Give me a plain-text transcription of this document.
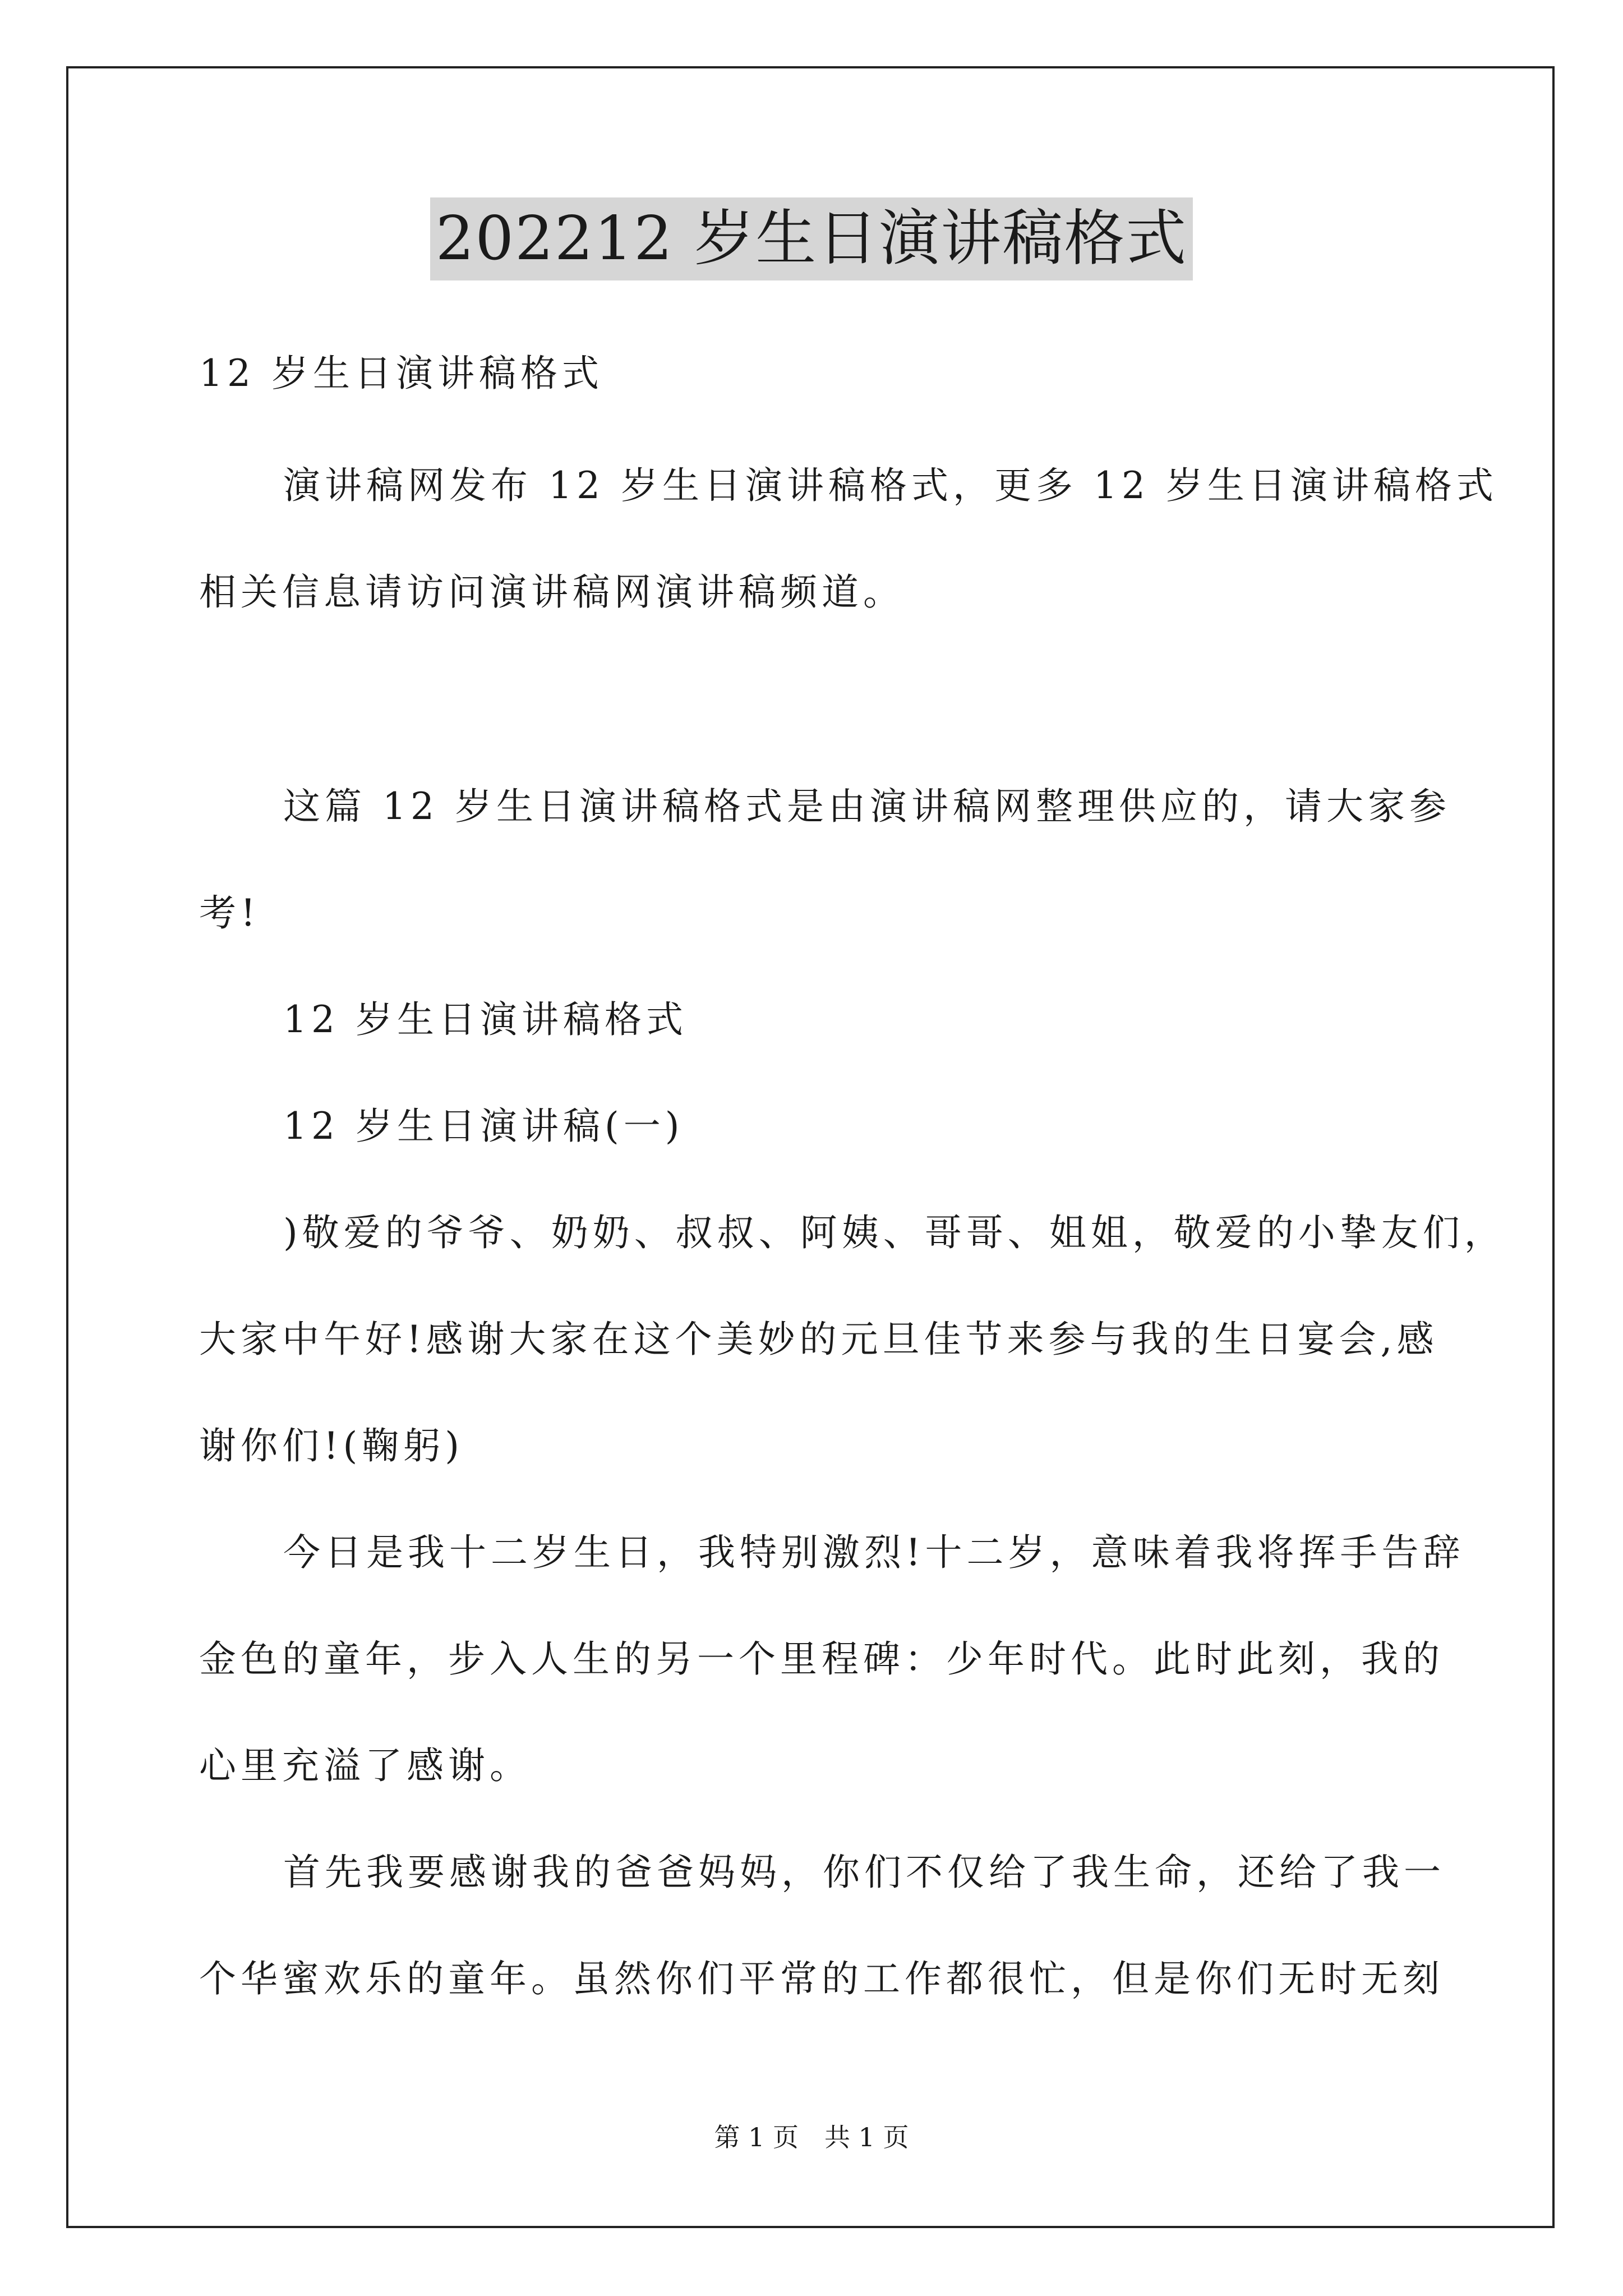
202212 岁生日演讲稿格式
12 岁生日演讲稿格式
演讲稿网发布 12 岁生日演讲稿格式，更多 12 岁生日演讲稿格式
相关信息请访问演讲稿网演讲稿频道。
这篇 12 岁生日演讲稿格式是由演讲稿网整理供应的，请大家参
考!
12 岁生日演讲稿格式
12 岁生日演讲稿(一)
)敬爱的爷爷、奶奶、叔叔、阿姨、哥哥、姐姐，敬爱的小挚友们，
大家中午好!感谢大家在这个美妙的元旦佳节来参与我的生日宴会,感
谢你们!(鞠躬)
今日是我十二岁生日，我特别激烈!十二岁，意味着我将挥手告辞
金色的童年，步入人生的另一个里程碑：少年时代。此时此刻，我的
心里充溢了感谢。
首先我要感谢我的爸爸妈妈，你们不仅给了我生命，还给了我一
个华蜜欢乐的童年。虽然你们平常的工作都很忙，但是你们无时无刻
第 1 页　共 1 页
